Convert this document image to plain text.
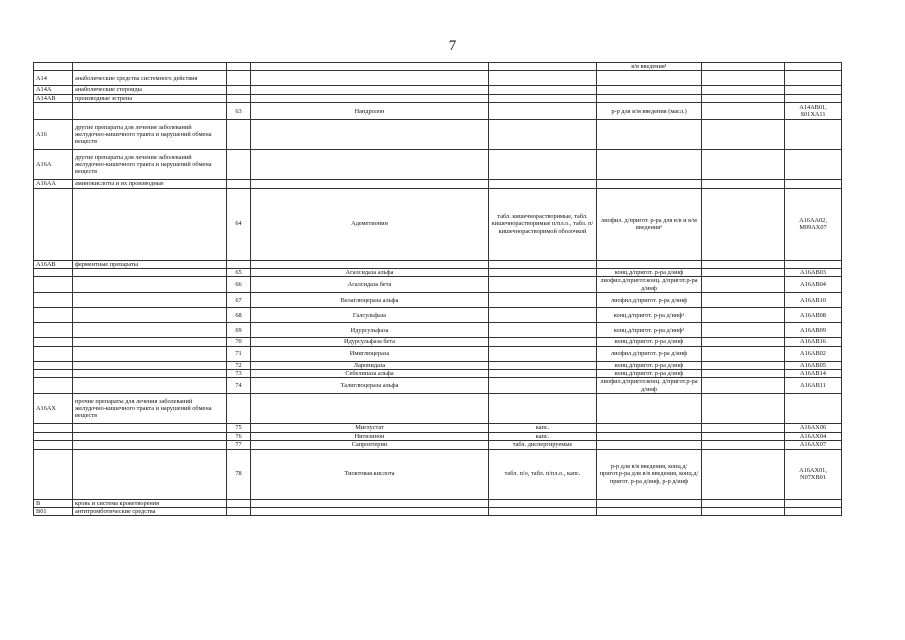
7
					в/в введения¹		
А14	анаболические средства системного действия						
А14А	анаболические стероиды						
А14АВ	производные эстрена						
		63	Нандролон		р-р для в/м введения (масл.)		А14АВ01, S01XA11
А16	другие препараты для лечения заболеваний желудочно-кишечного тракта и нарушений обмена веществ						
А16А	другие препараты для лечения заболеваний желудочно-кишечного тракта и нарушений обмена веществ						
А16АА	аминокислоты и их производные						
		64	Адеметионин	табл. кишечнорастворимые, табл. кишечнорастворимые п/пл.о., табл. п/кишечнорастворимой оболочкой	лиофил. д/пригот. р-ра для в/в и в/м введения¹		А16АА02, М09АХ07
А16АВ	ферментные препараты						
		65	Агалсидаза альфа		конц.д/пригот. р-ра д/инф		А16АВ03
		66	Агалсидаза бета		лиофил.д/пригот.конц. д/пригот.р-ра д/инф		А16АВ04
		67	Велаглюцераза альфа		лиофил.д/пригот. р-ра д/инф		А16АВ10
		68	Галсульфаза		конц.д/пригот. р-ра д/инф¹		А16АВ08
		69	Идурсульфаза		конц.д/пригот. р-ра д/инф¹		А16АВ09
		70	Идурсульфаза бета		конц.д/пригот. р-ра д/инф		А16АВ16
		71	Имиглюцераза		лиофил.д/пригот. р-ра д/инф		А16АВ02
		72	Ларонидаза		конц.д/пригот. р-ра д/инф		А16АВ05
		73	Себелипаза альфа		конц.д/пригот. р-ра д/инф		А16АВ14
		74	Талиглюцераза альфа		лиофил.д/пригот.конц. д/пригот.р-ра д/инф		А16АВ11
А16АХ	прочие препараты для лечения заболеваний желудочно-кишечного тракта и нарушений обмена веществ						
		75	Миглустат	капс.			А16АХ06
		76	Нитизинон	капс.			А16АХ04
		77	Сапроптерин	табл. диспергируемые			А16АХ07
		78	Тиоктовая кислота	табл. п/о, табл. п/пл.о., капс.	р-р для в/в введения, конц.д/пригот.р-ра для в/в введения, конц.д/пригот. р-ра д/инф, р-р д/инф		А16АХ01, N07XB01
В	кровь и система кроветворения						
В01	антитромботические средства						
